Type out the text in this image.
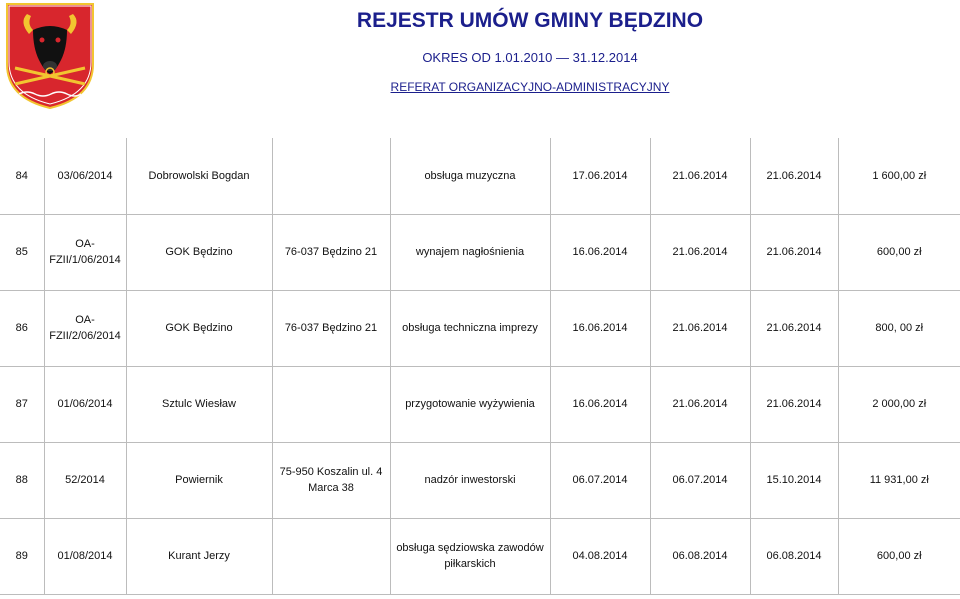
REJESTR UMÓW GMINY BĘDZINO
OKRES OD 1.01.2010 — 31.12.2014
REFERAT ORGANIZACYJNO-ADMINISTRACYJNY
84	03/06/2014	Dobrowolski Bogdan		obsługa muzyczna	17.06.2014	21.06.2014	21.06.2014	1 600,00 zł
85	OA-FZII/1/06/2014	GOK Będzino	76-037 Będzino 21	wynajem nagłośnienia	16.06.2014	21.06.2014	21.06.2014	600,00 zł
86	OA-FZII/2/06/2014	GOK Będzino	76-037 Będzino 21	obsługa techniczna imprezy	16.06.2014	21.06.2014	21.06.2014	800, 00 zł
87	01/06/2014	Sztulc Wiesław		przygotowanie wyżywienia	16.06.2014	21.06.2014	21.06.2014	2 000,00 zł
88	52/2014	Powiernik	75-950 Koszalin ul. 4 Marca 38	nadzór inwestorski	06.07.2014	06.07.2014	15.10.2014	11 931,00 zł
89	01/08/2014	Kurant Jerzy		obsługa sędziowska zawodów piłkarskich	04.08.2014	06.08.2014	06.08.2014	600,00 zł
